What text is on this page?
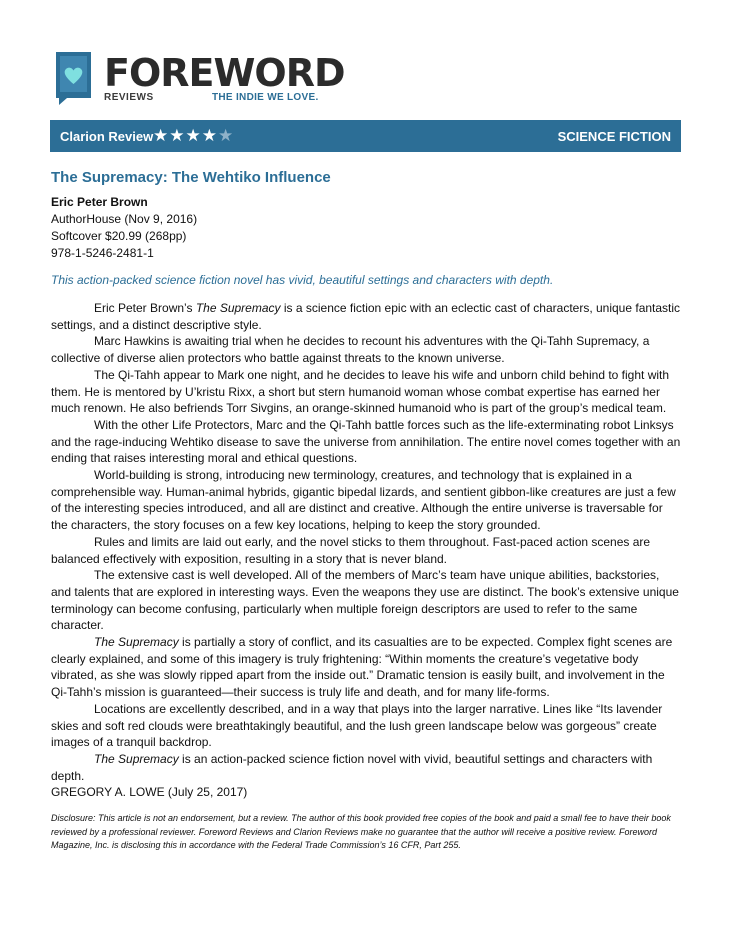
FOREWORD
REVIEWS	THE INDIE WE LOVE.
Clarion Review ★★★★★	SCIENCE FICTION
The Supremacy: The Wehtiko Influence
Eric Peter Brown
AuthorHouse (Nov 9, 2016)
Softcover $20.99 (268pp)
978-1-5246-2481-1
This action-packed science fiction novel has vivid, beautiful settings and characters with depth.

Eric Peter Brown’s The Supremacy is a science fiction epic with an eclectic cast of characters, unique fantastic settings, and a distinct descriptive style.

Marc Hawkins is awaiting trial when he decides to recount his adventures with the Qi-Tahh Supremacy, a collective of diverse alien protectors who battle against threats to the known universe.

The Qi-Tahh appear to Mark one night, and he decides to leave his wife and unborn child behind to fight with them. He is mentored by U’kristu Rixx, a short but stern humanoid woman whose combat expertise has earned her much renown. He also befriends Torr Sivgins, an orange-skinned humanoid who is part of the group’s medical team.

With the other Life Protectors, Marc and the Qi-Tahh battle forces such as the life-exterminating robot Linksys and the rage-inducing Wehtiko disease to save the universe from annihilation. The entire novel comes together with an ending that raises interesting moral and ethical questions.

World-building is strong, introducing new terminology, creatures, and technology that is explained in a comprehensible way. Human-animal hybrids, gigantic bipedal lizards, and sentient gibbon-like creatures are just a few of the interesting species introduced, and all are distinct and creative. Although the entire universe is traversable for the characters, the story focuses on a few key locations, helping to keep the story grounded.

Rules and limits are laid out early, and the novel sticks to them throughout. Fast-paced action scenes are balanced effectively with exposition, resulting in a story that is never bland.

The extensive cast is well developed. All of the members of Marc’s team have unique abilities, backstories, and talents that are explored in interesting ways. Even the weapons they use are distinct. The book’s extensive unique terminology can become confusing, particularly when multiple foreign descriptors are used to refer to the same character.

The Supremacy is partially a story of conflict, and its casualties are to be expected. Complex fight scenes are clearly explained, and some of this imagery is truly frightening: “Within moments the creature’s vegetative body vibrated, as she was slowly ripped apart from the inside out.” Dramatic tension is easily built, and involvement in the Qi-Tahh’s mission is guaranteed—their success is truly life and death, and for many life-forms.

Locations are excellently described, and in a way that plays into the larger narrative. Lines like “Its lavender skies and soft red clouds were breathtakingly beautiful, and the lush green landscape below was gorgeous” create images of a tranquil backdrop.

The Supremacy is an action-packed science fiction novel with vivid, beautiful settings and characters with depth.

GREGORY A. LOWE (July 25, 2017)

Disclosure: This article is not an endorsement, but a review. The author of this book provided free copies of the book and paid a small fee to have their book reviewed by a professional reviewer. Foreword Reviews and Clarion Reviews make no guarantee that the author will receive a positive review. Foreword Magazine, Inc. is disclosing this in accordance with the Federal Trade Commission’s 16 CFR, Part 255.
